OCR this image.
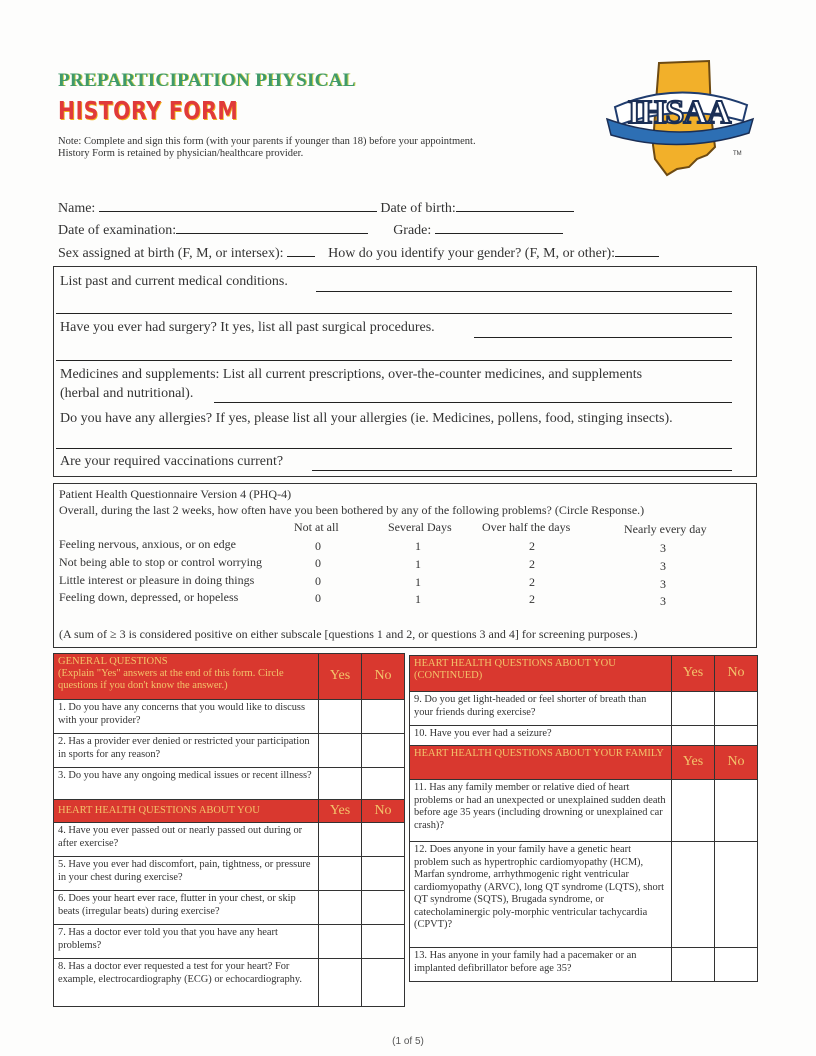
PREPARTICIPATION PHYSICAL
HISTORY FORM
Note: Complete and sign this form (with your parents if younger than 18) before your appointment. History Form is retained by physician/healthcare provider.
IHSAA
TM
Name:	Date of birth:
Date of examination:	Grade:
Sex assigned at birth (F, M, or intersex):	How do you identify your gender? (F, M, or other):
List past and current medical conditions.
Have you ever had surgery? It yes, list all past surgical procedures.
Medicines and supplements: List all current prescriptions, over-the-counter medicines, and supplements
(herbal and nutritional).
Do you have any allergies? If yes, please list all your allergies (ie. Medicines, pollens, food, stinging insects).
Are your required vaccinations current?
Patient Health Questionnaire Version 4 (PHQ-4)
Overall, during the last 2 weeks, how often have you been bothered by any of the following problems? (Circle Response.)
Not at all	Several Days	Over half the days	Nearly every day
Feeling nervous, anxious, or on edge	0	1	2	3
Not being able to stop or control worrying	0	1	2	3
Little interest or pleasure in doing things	0	1	2	3
Feeling down, depressed, or hopeless	0	1	2	3
(A sum of ≥ 3 is considered positive on either subscale [questions 1 and 2, or questions 3 and 4] for screening purposes.)
GENERAL QUESTIONS
(Explain "Yes" answers at the end of this form. Circle questions if you don't know the answer.)	Yes	No
1. Do you have any concerns that you would like to discuss with your provider?		
2. Has a provider ever denied or restricted your participation in sports for any reason?		
3. Do you have any ongoing medical issues or recent illness?		
HEART HEALTH QUESTIONS ABOUT YOU	Yes	No
4. Have you ever passed out or nearly passed out during or after exercise?		
5. Have you ever had discomfort, pain, tightness, or pressure in your chest during exercise?		
6. Does your heart ever race, flutter in your chest, or skip beats (irregular beats) during exercise?		
7. Has a doctor ever told you that you have any heart problems?		
8. Has a doctor ever requested a test for your heart? For example, electrocardiography (ECG) or echocardiography.		
HEART HEALTH QUESTIONS ABOUT YOU (CONTINUED)	Yes	No
9. Do you get light-headed or feel shorter of breath than your friends during exercise?		
10. Have you ever had a seizure?		
HEART HEALTH QUESTIONS ABOUT YOUR FAMILY	Yes	No
11. Has any family member or relative died of heart problems or had an unexpected or unexplained sudden death before age 35 years (including drowning or unexplained car crash)?		
12. Does anyone in your family have a genetic heart problem such as hypertrophic cardiomyopathy (HCM), Marfan syndrome, arrhythmogenic right ventricular cardiomyopathy (ARVC), long QT syndrome (LQTS), short QT syndrome (SQTS), Brugada syndrome, or catecholaminergic poly-morphic ventricular tachycardia (CPVT)?		
13. Has anyone in your family had a pacemaker or an implanted defibrillator before age 35?		
(1 of 5)
